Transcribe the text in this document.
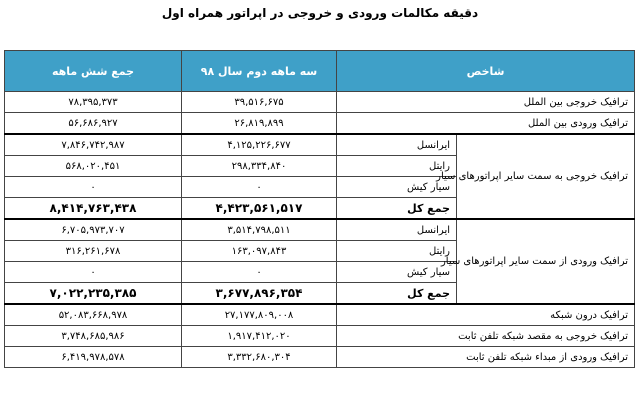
دقیقه مکالمات ورودی و خروجی در اپراتور همراه اول
شاخص		سه ماهه دوم سال ۹۸	جمع شش ماهه
ترافیک خروجی بین الملل		۳۹,۵۱۶,۶۷۵	۷۸,۳۹۵,۳۷۳
ترافیک ورودی بین الملل		۲۶,۸۱۹,۸۹۹	۵۶,۶۸۶,۹۲۷
ترافیک خروجی به سمت سایر اپراتورهای سیار	ایرانسل	۴,۱۲۵,۲۲۶,۶۷۷	۷,۸۴۶,۷۴۲,۹۸۷
	رایتل	۲۹۸,۳۳۴,۸۴۰	۵۶۸,۰۲۰,۴۵۱
	سیار کیش	۰	۰
	جمع کل	۴,۴۲۳,۵۶۱,۵۱۷	۸,۴۱۴,۷۶۳,۴۳۸
ترافیک ورودی از سمت سایر اپراتورهای سیار	ایرانسل	۳,۵۱۴,۷۹۸,۵۱۱	۶,۷۰۵,۹۷۳,۷۰۷
	رایتل	۱۶۳,۰۹۷,۸۴۳	۳۱۶,۲۶۱,۶۷۸
	سیار کیش	۰	۰
	جمع کل	۳,۶۷۷,۸۹۶,۳۵۴	۷,۰۲۲,۲۳۵,۳۸۵
ترافیک درون شبکه		۲۷,۱۷۷,۸۰۹,۰۰۸	۵۲,۰۸۳,۶۶۸,۹۷۸
ترافیک خروجی به مقصد شبکه تلفن ثابت		۱,۹۱۷,۴۱۲,۰۲۰	۳,۷۴۸,۶۸۵,۹۸۶
ترافیک ورودی از مبداء شبکه تلفن ثابت		۳,۳۳۲,۶۸۰,۳۰۴	۶,۴۱۹,۹۷۸,۵۷۸
